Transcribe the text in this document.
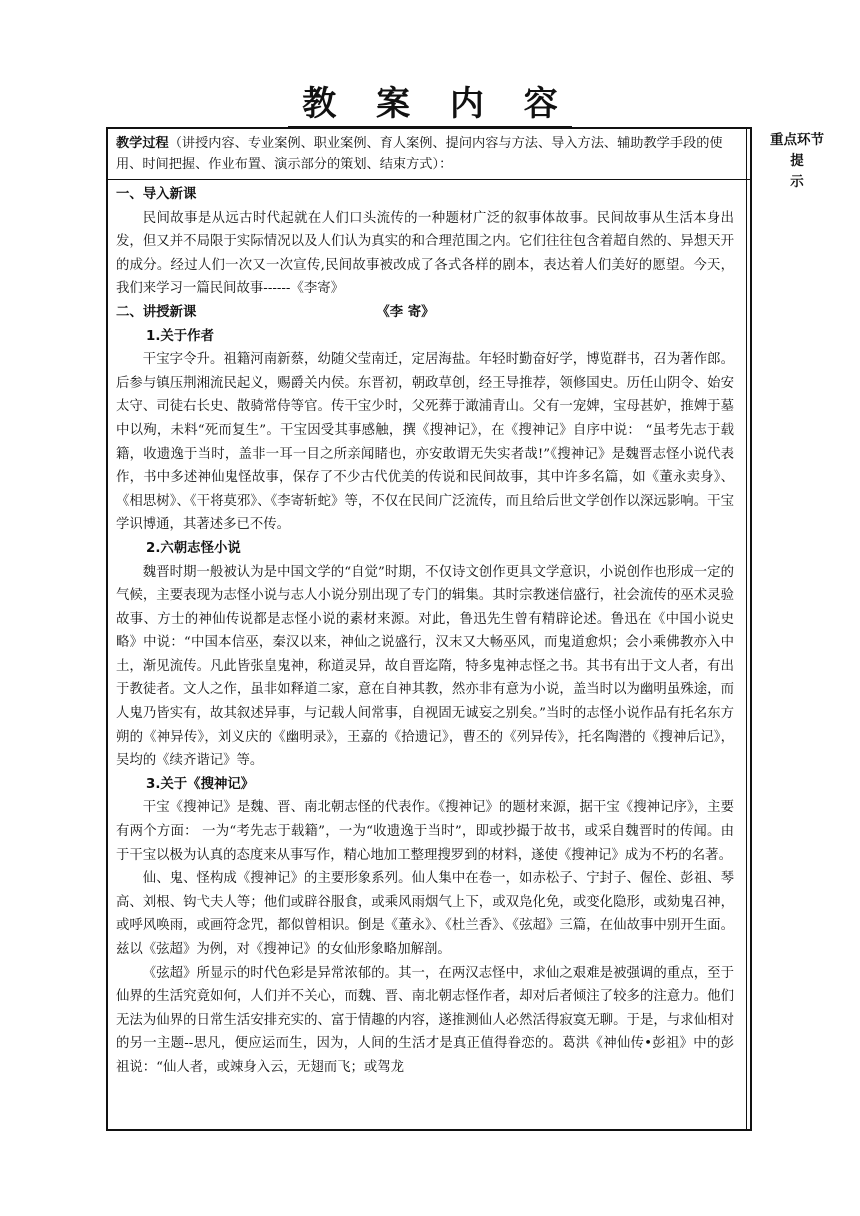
教 案 内 容
教学过程（讲授内容、专业案例、职业案例、育人案例、提问内容与方法、导入方法、辅助教学手段的使用、时间把握、作业布置、演示部分的策划、结束方式）：

一、导入新课

民间故事是从远古时代起就在人们口头流传的一种题材广泛的叙事体故事。民间故事从生活本身出发，但又并不局限于实际情况以及人们认为真实的和合理范围之内。它们往往包含着超自然的、异想天开的成分。经过人们一次又一次宣传,民间故事被改成了各式各样的剧本，表达着人们美好的愿望。今天，我们来学习一篇民间故事------《李寄》

二、讲授新课	《李 寄》

1.关于作者

干宝字令升。祖籍河南新蔡，幼随父莹南迁，定居海盐。年轻时勤奋好学，博览群书，召为著作郎。后参与镇压荆湘流民起义，赐爵关内侯。东晋初，朝政草创，经王导推荐，领修国史。历任山阴令、始安太守、司徒右长史、散骑常侍等官。传干宝少时，父死葬于澉浦青山。父有一宠婢，宝母甚妒，推婢于墓中以殉，未料“死而复生”。干宝因受其事感触，撰《搜神记》，在《搜神记》自序中说： “虽考先志于载籍，收遗逸于当时，盖非一耳一目之所亲闻睹也，亦安敢谓无失实者哉!”《搜神记》是魏晋志怪小说代表作，书中多述神仙鬼怪故事，保存了不少古代优美的传说和民间故事，其中许多名篇，如《董永卖身》、《相思树》、《干将莫邪》、《李寄斩蛇》等，不仅在民间广泛流传，而且给后世文学创作以深远影响。干宝学识博通，其著述多已不传。

2.六朝志怪小说

魏晋时期一般被认为是中国文学的“自觉”时期，不仅诗文创作更具文学意识，小说创作也形成一定的气候，主要表现为志怪小说与志人小说分别出现了专门的辑集。其时宗教迷信盛行，社会流传的巫术灵验故事、方士的神仙传说都是志怪小说的素材来源。对此，鲁迅先生曾有精辟论述。鲁迅在《中国小说史略》中说：“中国本信巫，秦汉以来，神仙之说盛行，汉末又大畅巫风，而鬼道愈炽；会小乘佛教亦入中土，渐见流传。凡此皆张皇鬼神，称道灵异，故自晋迄隋，特多鬼神志怪之书。其书有出于文人者，有出于教徒者。文人之作，虽非如释道二家，意在自神其教，然亦非有意为小说，盖当时以为幽明虽殊途，而人鬼乃皆实有，故其叙述异事，与记载人间常事，自视固无诚妄之别矣。”当时的志怪小说作品有托名东方朔的《神异传》，刘义庆的《幽明录》，王嘉的《拾遗记》，曹丕的《列异传》，托名陶潜的《搜神后记》，吴均的《续齐谐记》等。

3.关于《搜神记》

干宝《搜神记》是魏、晋、南北朝志怪的代表作。《搜神记》的题材来源，据干宝《搜神记序》，主要有两个方面： 一为“考先志于载籍”，一为“收遗逸于当时”，即或抄撮于故书，或采自魏晋时的传闻。由于干宝以极为认真的态度来从事写作，精心地加工整理搜罗到的材料，遂使《搜神记》成为不朽的名著。

仙、鬼、怪构成《搜神记》的主要形象系列。仙人集中在卷一，如赤松子、宁封子、偓佺、彭祖、琴高、刘根、钩弋夫人等；他们或辟谷服食，或乘风雨烟气上下，或双凫化免，或变化隐形，或劾鬼召神，或呼风唤雨，或画符念咒，都似曾相识。倒是《董永》、《杜兰香》、《弦超》三篇，在仙故事中别开生面。兹以《弦超》为例，对《搜神记》的女仙形象略加解剖。

《弦超》所显示的时代色彩是异常浓郁的。其一，在两汉志怪中，求仙之艰难是被强调的重点，至于仙界的生活究竟如何，人们并不关心，而魏、晋、南北朝志怪作者，却对后者倾注了较多的注意力。他们无法为仙界的日常生活安排充实的、富于情趣的内容，遂推测仙人必然活得寂寞无聊。于是，与求仙相对的另一主题--思凡，便应运而生，因为，人间的生活才是真正值得眷恋的。葛洪《神仙传•彭祖》中的彭祖说：“仙人者，或竦身入云，无翅而飞；或驾龙

重点环节
提示
